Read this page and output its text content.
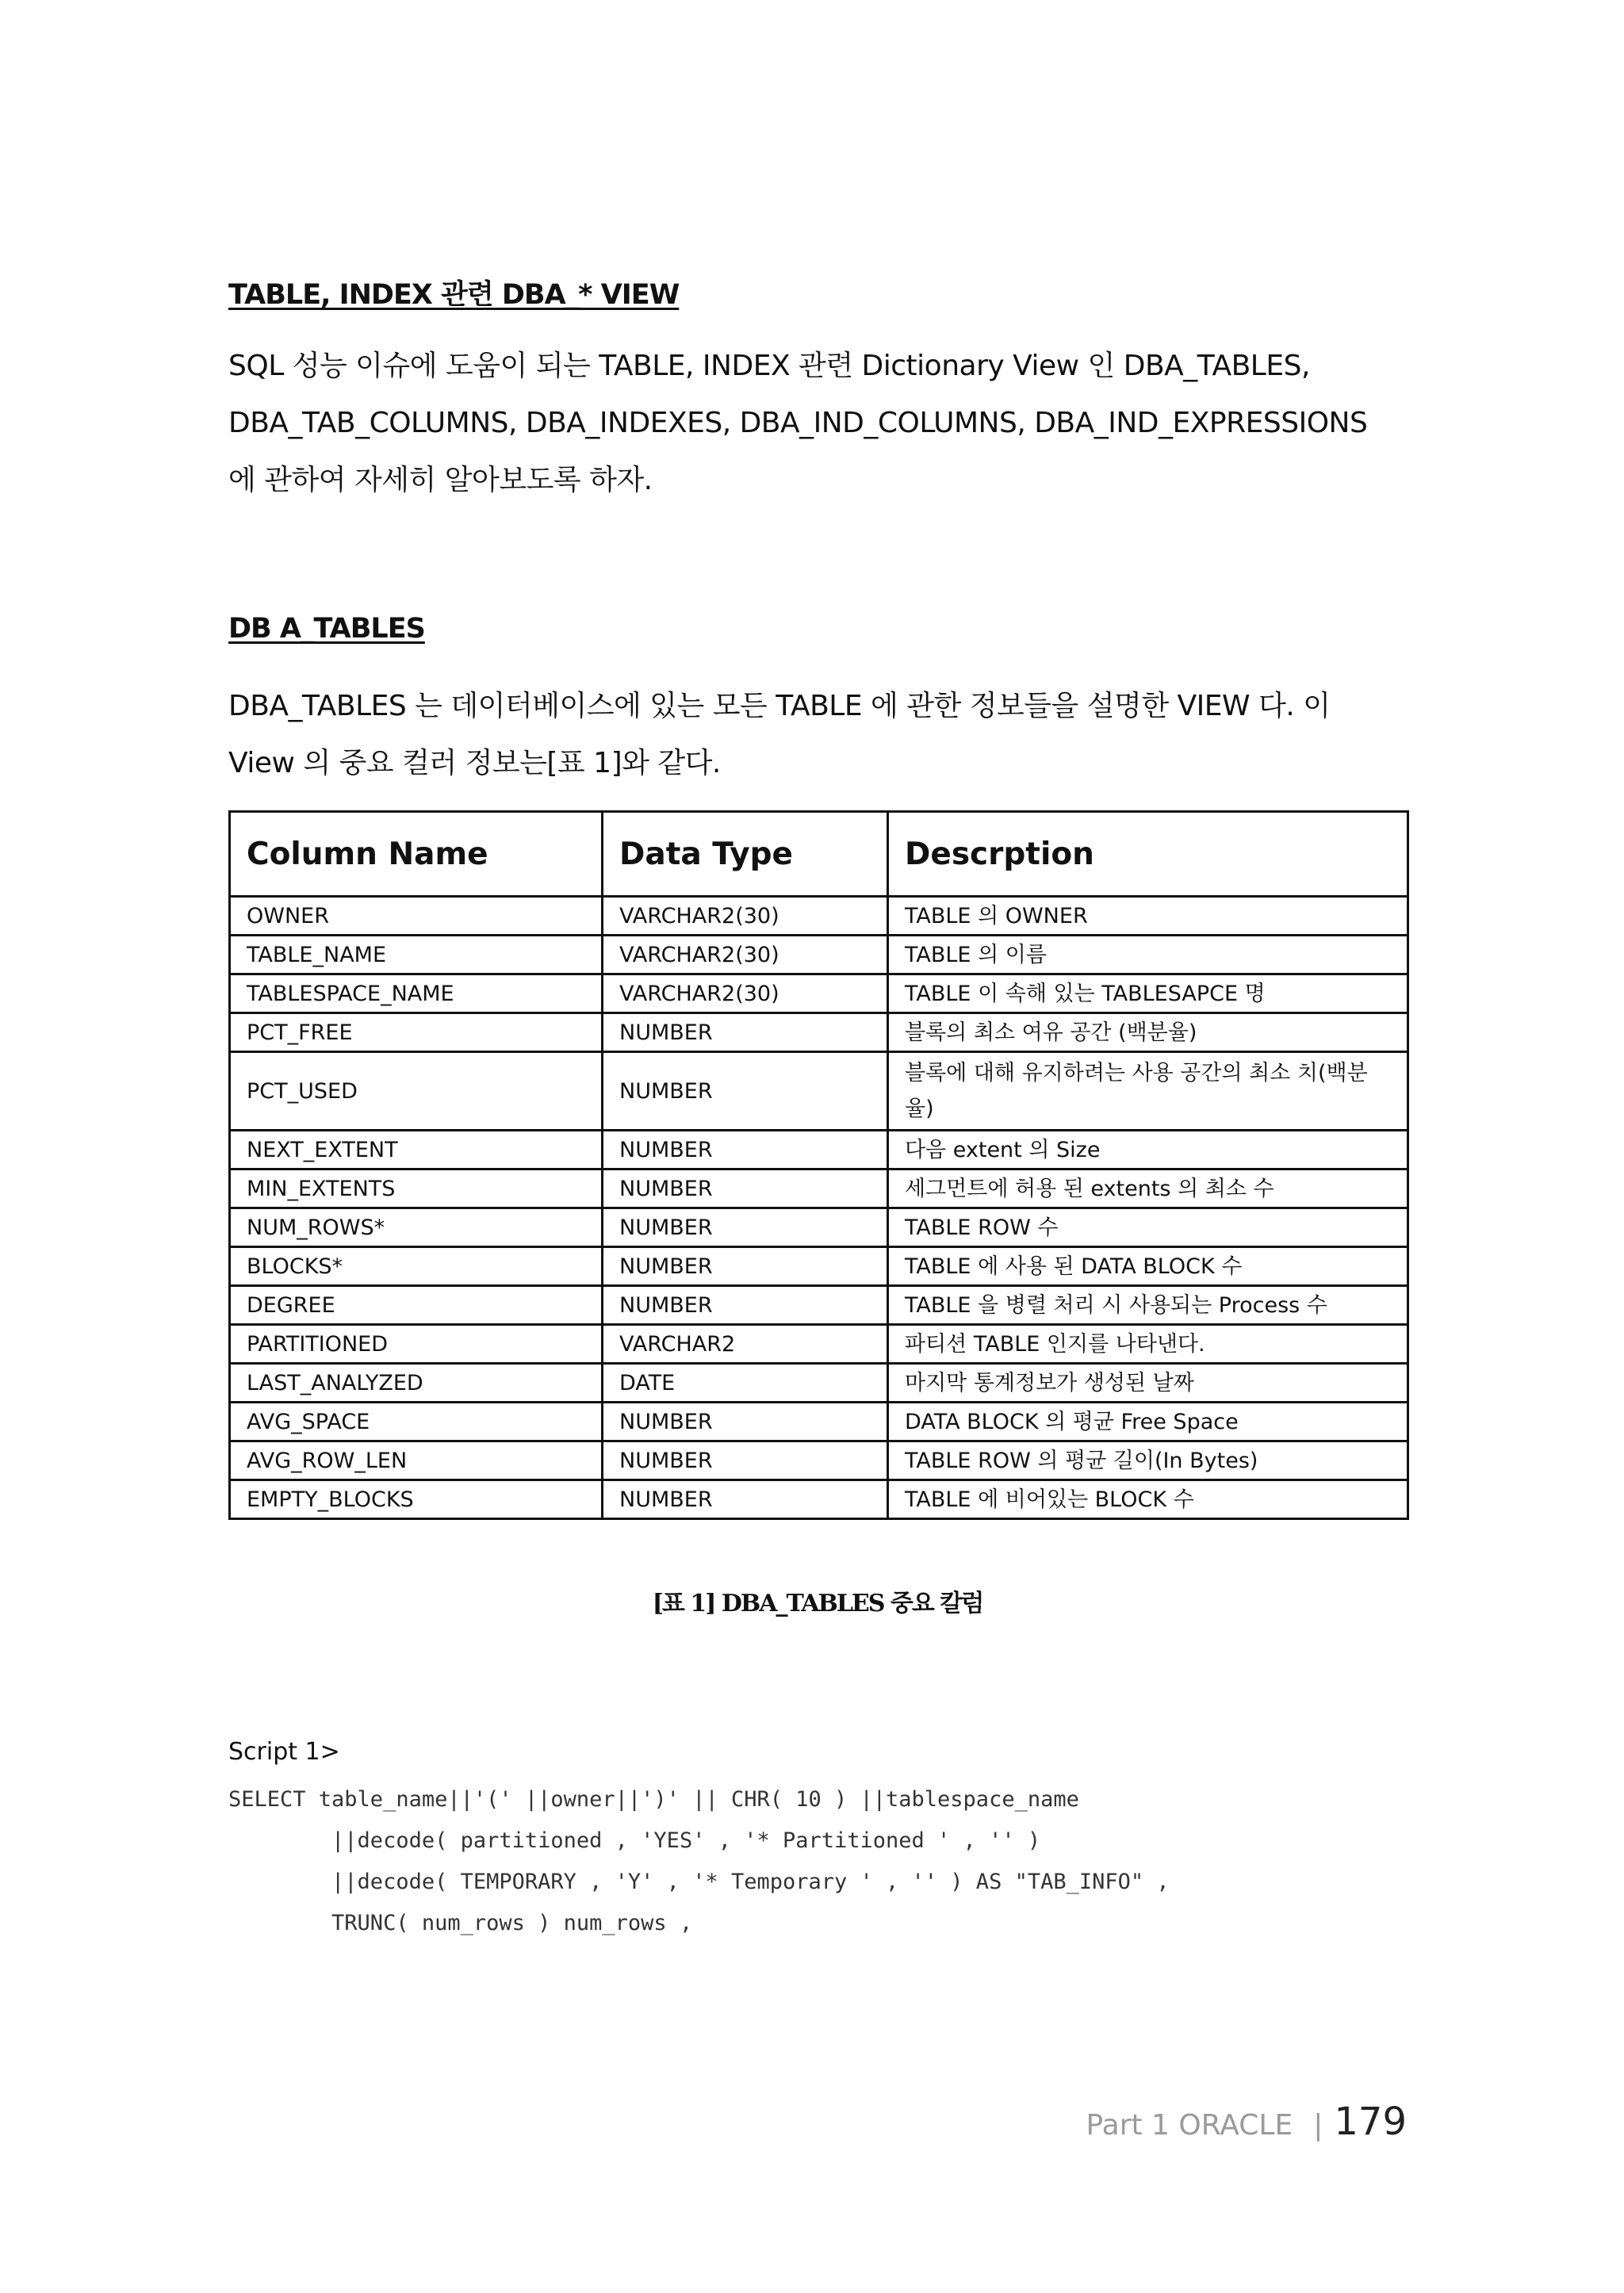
TABLE, INDEX 관련 DBA_* VIEW

SQL 성능 이슈에 도움이 되는 TABLE, INDEX 관련 Dictionary View 인 DBA_TABLES,
DBA_TAB_COLUMNS, DBA_INDEXES, DBA_IND_COLUMNS, DBA_IND_EXPRESSIONS
에 관하여 자세히 알아보도록 하자.

DB A_TABLES

DBA_TABLES 는 데이터베이스에 있는 모든 TABLE 에 관한 정보들을 설명한 VIEW 다. 이
View 의 중요 컬러 정보는[표 1]와 같다.

Column Name	Data Type	Descrption
OWNER	VARCHAR2(30)	TABLE 의 OWNER
TABLE_NAME	VARCHAR2(30)	TABLE 의 이름
TABLESPACE_NAME	VARCHAR2(30)	TABLE 이 속해 있는 TABLESAPCE 명
PCT_FREE	NUMBER	블록의 최소 여유 공간 (백분율)
PCT_USED	NUMBER	블록에 대해 유지하려는 사용 공간의 최소 치(백분율)
NEXT_EXTENT	NUMBER	다음 extent 의 Size
MIN_EXTENTS	NUMBER	세그먼트에 허용 된 extents 의 최소 수
NUM_ROWS*	NUMBER	TABLE ROW 수
BLOCKS*	NUMBER	TABLE 에 사용 된 DATA BLOCK 수
DEGREE	NUMBER	TABLE 을 병렬 처리 시 사용되는 Process 수
PARTITIONED	VARCHAR2	파티션 TABLE 인지를 나타낸다.
LAST_ANALYZED	DATE	마지막 통계정보가 생성된 날짜
AVG_SPACE	NUMBER	DATA BLOCK 의 평균 Free Space
AVG_ROW_LEN	NUMBER	TABLE ROW 의 평균 길이(In Bytes)
EMPTY_BLOCKS	NUMBER	TABLE 에 비어있는 BLOCK 수
[표 1] DBA_TABLES 중요 칼럼
Script 1>
SELECT table_name||'(' ||owner||')' || CHR( 10 ) ||tablespace_name
||decode( partitioned , 'YES' , '* Partitioned ' , '' )
||decode( TEMPORARY , 'Y' , '* Temporary ' , '' ) AS "TAB_INFO" ,
TRUNC( num_rows ) num_rows ,
Part 1 ORACLE | 179
